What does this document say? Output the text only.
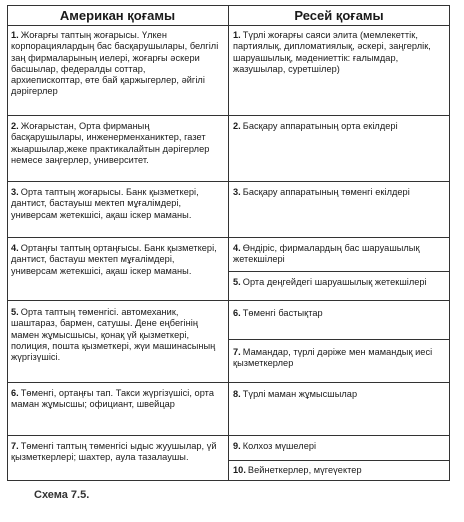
Американ қоғамы	Ресей қоғамы
1. Жоғарғы таптың жоғарысы. Үлкен корпорациялардың бас басқарушылары, белгілі заң фирмаларының иелері, жоғарғы әскери басшылар, федералды соттар, архиепископтар, өте бай қаржыгерлер, әйгілі дәрігерлер
2. Жоғарыстан, Орта фирманың басқарушылары, инженерменханиктер, газет жыаршылар,жеке практикалайтын дәрігерлер немесе заңгерлер, университет.
3. Орта таптың жоғарысы. Банк қызметкері, дантист, бастауыш мектеп мұғалімдері, универсам жетекшісі, ақаш іскер маманы.
4. Ортаңғы таптың ортаңғысы. Банк қызметкері, дантист, бастауш мектеп мұғалімдері, универсам жетекшісі, ақаш іскер маманы.
5. Орта таптың төменгісі. автомеханик, шаштараз, бармен, сатушы. Дене еңбегінің мамен жұмысшысы, қонақ үй қызметкері, полиция, пошта қызметкері, жүи машинасының жүргізүшісі.
6. Төменгі, ортаңғы тап. Такси жүргізүшісі, орта маман жұмысшы; официант, швейцар
7. Төменгі таптың төменгісі ыдыс жуушылар, үй қызметкерлері; шахтер, аула тазалаушы.
1. Түрлі жоғарғы саяси элита (мемлекеттік, партиялық, дипломатиялық, әскері, заңгерлік, шаруашылық, мәдениеттік: ғалымдар, жазушылар, суретшілер)
2. Басқару аппаратының орта екілдері
3. Басқару аппаратының төменгі екілдері
4. Өндіріс, фирмалардың бас шаруашылық жетекшілері
5. Орта деңгейдегі шаруашылық жетекшілері
6. Төменгі бастықтар
7. Мамандар, түрлі дәріже мен мамандық иесі қызметкерлер
8. Түрлі маман жұмысшылар
9. Колхоз мүшелері
10. Вейнеткерлер, мүгеүектер
Схема 7.5.
